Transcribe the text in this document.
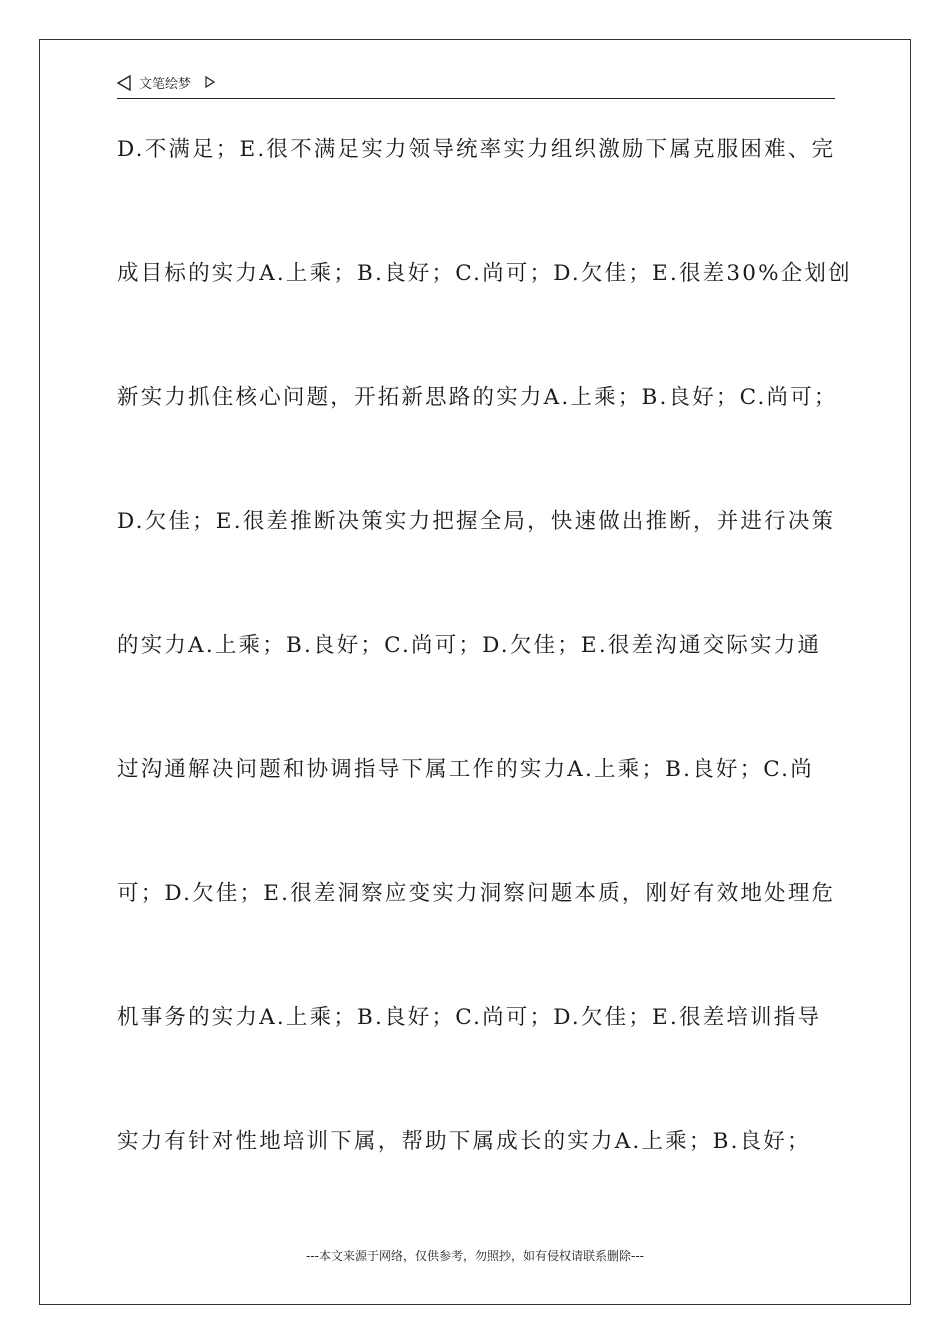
文笔绘梦
D.不满足；E.很不满足实力领导统率实力组织激励下属克服困难、完
成目标的实力A.上乘；B.良好；C.尚可；D.欠佳；E.很差30%企划创
新实力抓住核心问题，开拓新思路的实力A.上乘；B.良好；C.尚可；
D.欠佳；E.很差推断决策实力把握全局，快速做出推断，并进行决策
的实力A.上乘；B.良好；C.尚可；D.欠佳；E.很差沟通交际实力通
过沟通解决问题和协调指导下属工作的实力A.上乘；B.良好；C.尚
可；D.欠佳；E.很差洞察应变实力洞察问题本质，刚好有效地处理危
机事务的实力A.上乘；B.良好；C.尚可；D.欠佳；E.很差培训指导
实力有针对性地培训下属，帮助下属成长的实力A.上乘；B.良好；
---本文来源于网络，仅供参考，勿照抄，如有侵权请联系删除---
